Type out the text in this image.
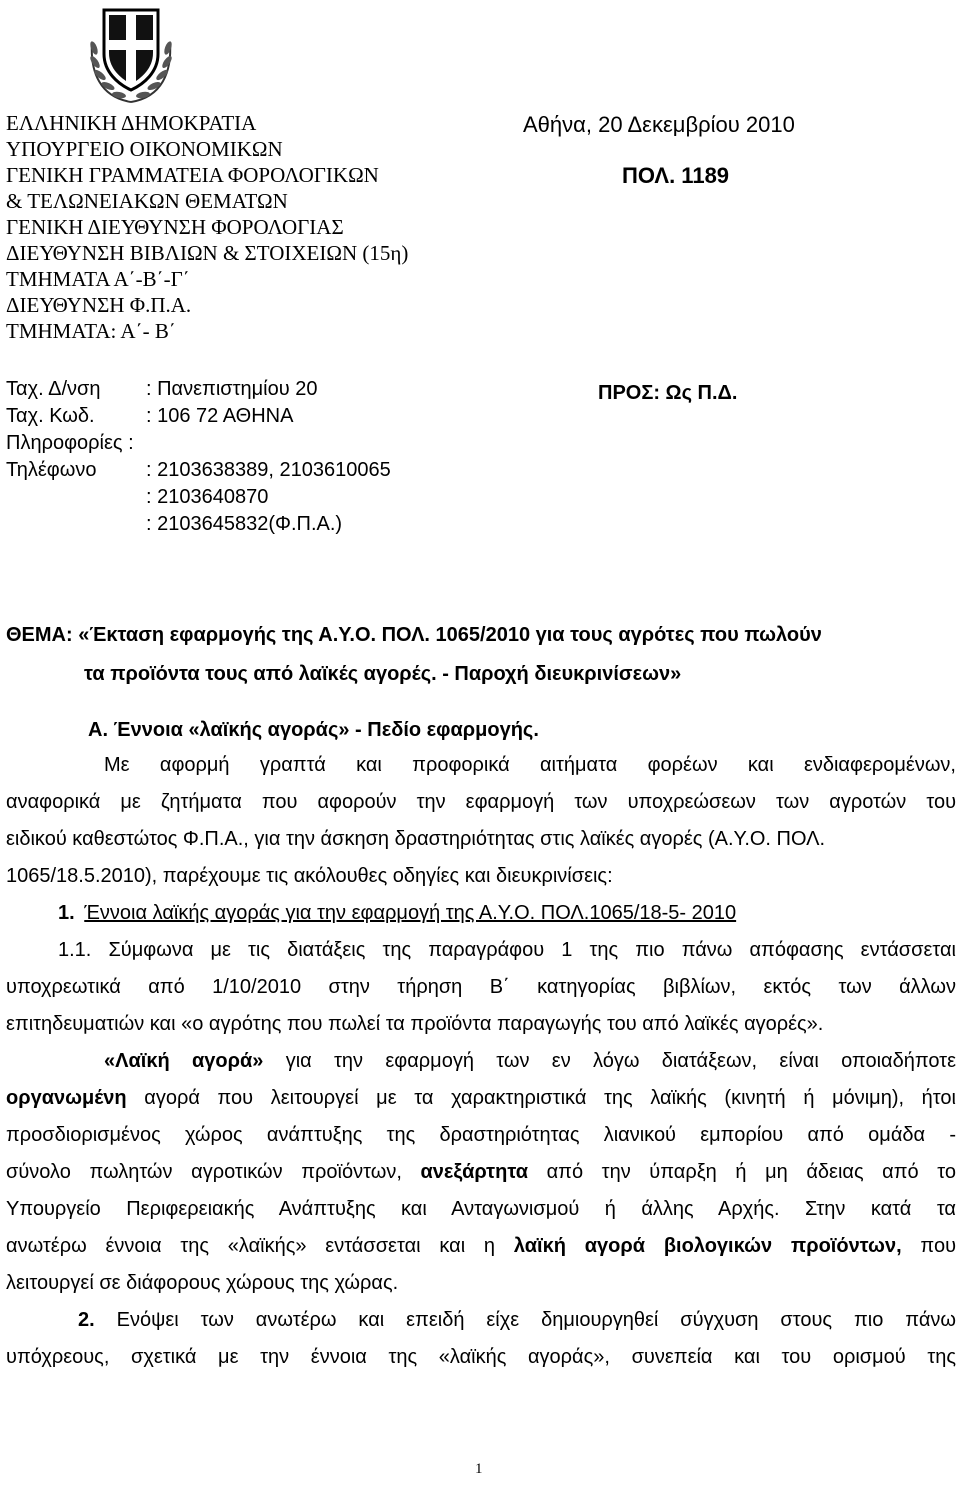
ΕΛΛΗΝΙΚΗ ΔΗΜΟΚΡΑΤΙΑ
ΥΠΟΥΡΓΕΙΟ ΟΙΚΟΝΟΜΙΚΩΝ
ΓΕΝΙΚΗ ΓΡΑΜΜΑΤΕΙΑ ΦΟΡΟΛΟΓΙΚΩΝ
& ΤΕΛΩΝΕΙΑΚΩΝ ΘΕΜΑΤΩΝ
ΓΕΝΙΚΗ ΔΙΕΥΘΥΝΣΗ ΦΟΡΟΛΟΓΙΑΣ
ΔΙΕΥΘΥΝΣΗ ΒΙΒΛΙΩΝ & ΣΤΟΙΧΕΙΩΝ (15η)
ΤΜΗΜΑΤΑ Α΄-Β΄-Γ΄
ΔΙΕΥΘΥΝΣΗ Φ.Π.Α.
ΤΜΗΜΑΤΑ: Α΄- Β΄
Αθήνα, 20 Δεκεμβρίου 2010
ΠΟΛ. 1189
Ταχ. Δ/νση : Πανεπιστημίου 20
Ταχ. Κωδ.	: 106 72 ΑΘΗΝΑ
Πληροφορίες :
Τηλέφωνο : 2103638389, 2103610065
: 2103640870
: 2103645832(Φ.Π.Α.)
ΠΡΟΣ: Ως Π.Δ.
ΘΕΜΑ: «Έκταση εφαρμογής της Α.Υ.Ο. ΠΟΛ. 1065/2010 για τους αγρότες που πωλούν
τα προϊόντα τους από λαϊκές αγορές. - Παροχή διευκρινίσεων»
Α. Έννοια «λαϊκής αγοράς» - Πεδίο εφαρμογής.
Με αφορμή γραπτά και προφορικά αιτήματα φορέων και ενδιαφερομένων,
αναφορικά με ζητήματα που αφορούν την εφαρμογή των υποχρεώσεων των αγροτών του
ειδικού καθεστώτος Φ.Π.Α., για την άσκηση δραστηριότητας στις λαϊκές αγορές (Α.Υ.Ο. ΠΟΛ.
1065/18.5.2010), παρέχουμε τις ακόλουθες οδηγίες και διευκρινίσεις:
1. Έννοια λαϊκής αγοράς για την εφαρμογή της Α.Υ.Ο. ΠΟΛ.1065/18-5- 2010
1.1. Σύμφωνα με τις διατάξεις της παραγράφου 1 της πιο πάνω απόφασης εντάσσεται
υποχρεωτικά από 1/10/2010 στην τήρηση Β΄ κατηγορίας βιβλίων, εκτός των άλλων
επιτηδευματιών και «ο αγρότης που πωλεί τα προϊόντα παραγωγής του από λαϊκές αγορές».
«Λαϊκή αγορά» για την εφαρμογή των εν λόγω διατάξεων, είναι οποιαδήποτε
οργανωμένη αγορά που λειτουργεί με τα χαρακτηριστικά της λαϊκής (κινητή ή μόνιμη), ήτοι
προσδιορισμένος χώρος ανάπτυξης της δραστηριότητας λιανικού εμπορίου από ομάδα -
σύνολο πωλητών αγροτικών προϊόντων, ανεξάρτητα από την ύπαρξη ή μη άδειας από το
Υπουργείο Περιφερειακής Ανάπτυξης και Ανταγωνισμού ή άλλης Αρχής. Στην κατά τα
ανωτέρω έννοια της «λαϊκής» εντάσσεται και η λαϊκή αγορά βιολογικών προϊόντων, που
λειτουργεί σε διάφορους χώρους της χώρας.
2. Ενόψει των ανωτέρω και επειδή είχε δημιουργηθεί σύγχυση στους πιο πάνω
υπόχρεους, σχετικά με την έννοια της «λαϊκής αγοράς», συνεπεία και του ορισμού της
1
